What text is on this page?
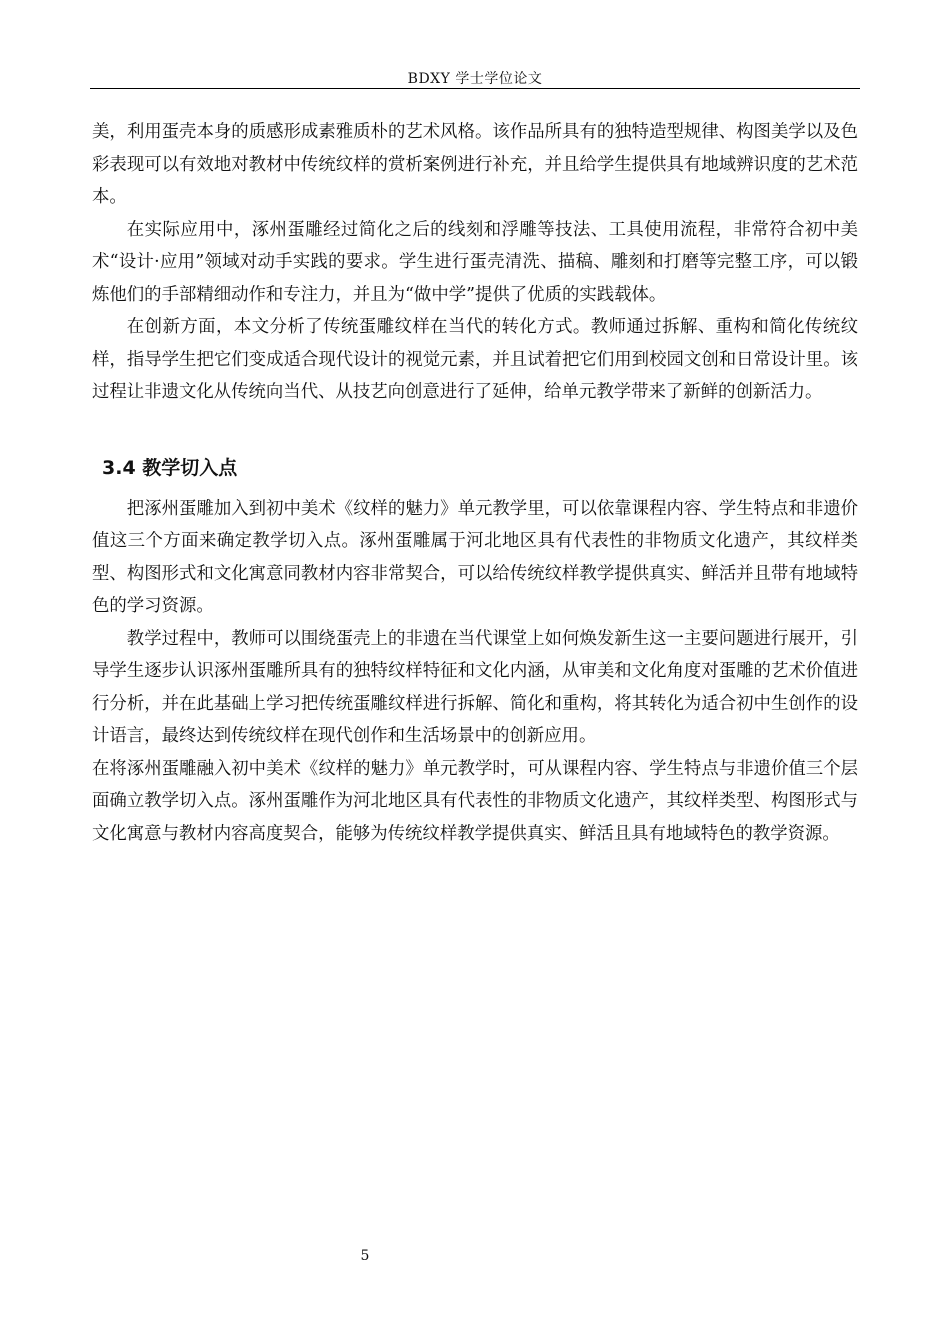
BDXY 学士学位论文

美，利用蛋壳本身的质感形成素雅质朴的艺术风格。该作品所具有的独特造型规律、构图美学以及色彩表现可以有效地对教材中传统纹样的赏析案例进行补充，并且给学生提供具有地域辨识度的艺术范本。

在实际应用中，涿州蛋雕经过简化之后的线刻和浮雕等技法、工具使用流程，非常符合初中美术“设计·应用”领域对动手实践的要求。学生进行蛋壳清洗、描稿、雕刻和打磨等完整工序，可以锻炼他们的手部精细动作和专注力，并且为“做中学”提供了优质的实践载体。

在创新方面，本文分析了传统蛋雕纹样在当代的转化方式。教师通过拆解、重构和简化传统纹样，指导学生把它们变成适合现代设计的视觉元素，并且试着把它们用到校园文创和日常设计里。该过程让非遗文化从传统向当代、从技艺向创意进行了延伸，给单元教学带来了新鲜的创新活力。

3.4 教学切入点

把涿州蛋雕加入到初中美术《纹样的魅力》单元教学里，可以依靠课程内容、学生特点和非遗价值这三个方面来确定教学切入点。涿州蛋雕属于河北地区具有代表性的非物质文化遗产，其纹样类型、构图形式和文化寓意同教材内容非常契合，可以给传统纹样教学提供真实、鲜活并且带有地域特色的学习资源。

教学过程中，教师可以围绕蛋壳上的非遗在当代课堂上如何焕发新生这一主要问题进行展开，引导学生逐步认识涿州蛋雕所具有的独特纹样特征和文化内涵，从审美和文化角度对蛋雕的艺术价值进行分析，并在此基础上学习把传统蛋雕纹样进行拆解、简化和重构，将其转化为适合初中生创作的设计语言，最终达到传统纹样在现代创作和生活场景中的创新应用。

在将涿州蛋雕融入初中美术《纹样的魅力》单元教学时，可从课程内容、学生特点与非遗价值三个层面确立教学切入点。涿州蛋雕作为河北地区具有代表性的非物质文化遗产，其纹样类型、构图形式与文化寓意与教材内容高度契合，能够为传统纹样教学提供真实、鲜活且具有地域特色的教学资源。

5
